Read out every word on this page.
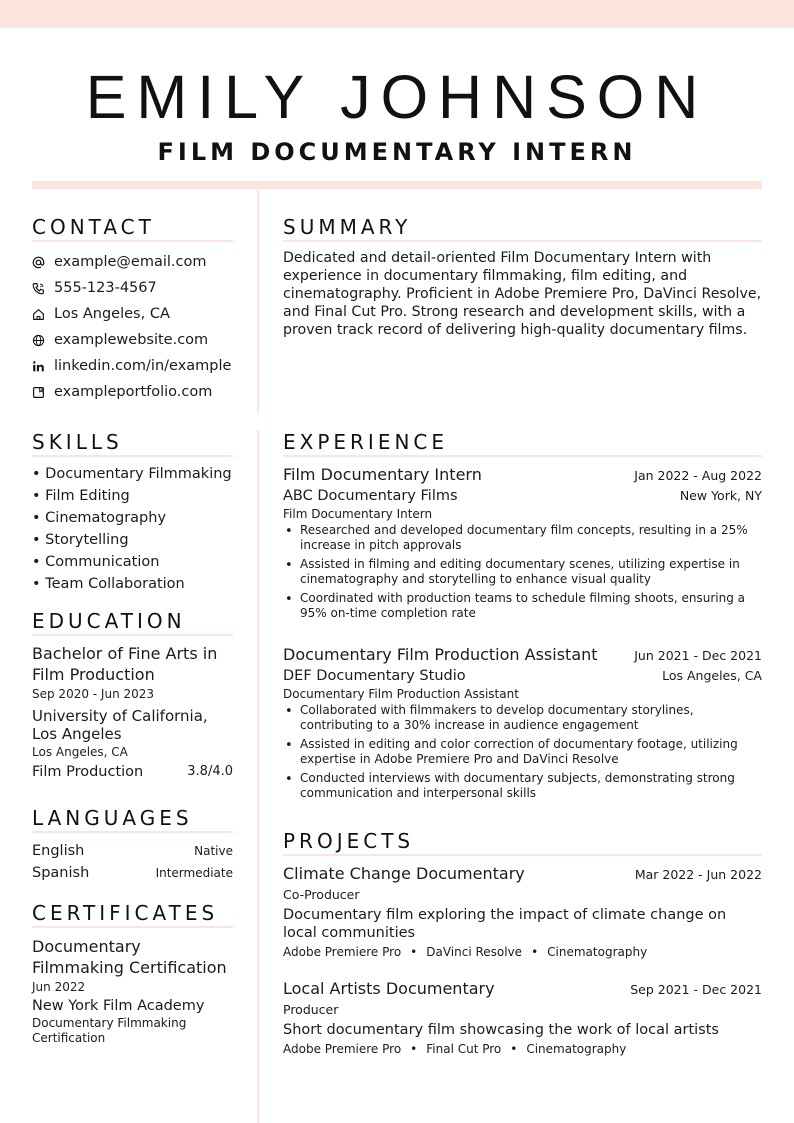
EMILY JOHNSON
FILM DOCUMENTARY INTERN
CONTACT
example@email.com
555-123-4567
Los Angeles, CA
examplewebsite.com
linkedin.com/in/example
exampleportfolio.com
SUMMARY
Dedicated and detail-oriented Film Documentary Intern with experience in documentary filmmaking, film editing, and cinematography. Proficient in Adobe Premiere Pro, DaVinci Resolve, and Final Cut Pro. Strong research and development skills, with a proven track record of delivering high-quality documentary films.
SKILLS
• Documentary Filmmaking
• Film Editing
• Cinematography
• Storytelling
• Communication
• Team Collaboration
EDUCATION
Bachelor of Fine Arts in Film Production
Sep 2020 - Jun 2023
University of California, Los Angeles
Los Angeles, CA
Film Production	3.8/4.0
LANGUAGES
English	Native
Spanish	Intermediate
CERTIFICATES
Documentary Filmmaking Certification
Jun 2022
New York Film Academy
Documentary Filmmaking Certification
EXPERIENCE
Film Documentary Intern	Jan 2022 - Aug 2022
ABC Documentary Films	New York, NY
Film Documentary Intern
• Researched and developed documentary film concepts, resulting in a 25% increase in pitch approvals
• Assisted in filming and editing documentary scenes, utilizing expertise in cinematography and storytelling to enhance visual quality
• Coordinated with production teams to schedule filming shoots, ensuring a 95% on-time completion rate
Documentary Film Production Assistant	Jun 2021 - Dec 2021
DEF Documentary Studio	Los Angeles, CA
Documentary Film Production Assistant
• Collaborated with filmmakers to develop documentary storylines, contributing to a 30% increase in audience engagement
• Assisted in editing and color correction of documentary footage, utilizing expertise in Adobe Premiere Pro and DaVinci Resolve
• Conducted interviews with documentary subjects, demonstrating strong communication and interpersonal skills
PROJECTS
Climate Change Documentary	Mar 2022 - Jun 2022
Co-Producer
Documentary film exploring the impact of climate change on local communities
Adobe Premiere Pro • DaVinci Resolve • Cinematography
Local Artists Documentary	Sep 2021 - Dec 2021
Producer
Short documentary film showcasing the work of local artists
Adobe Premiere Pro • Final Cut Pro • Cinematography
